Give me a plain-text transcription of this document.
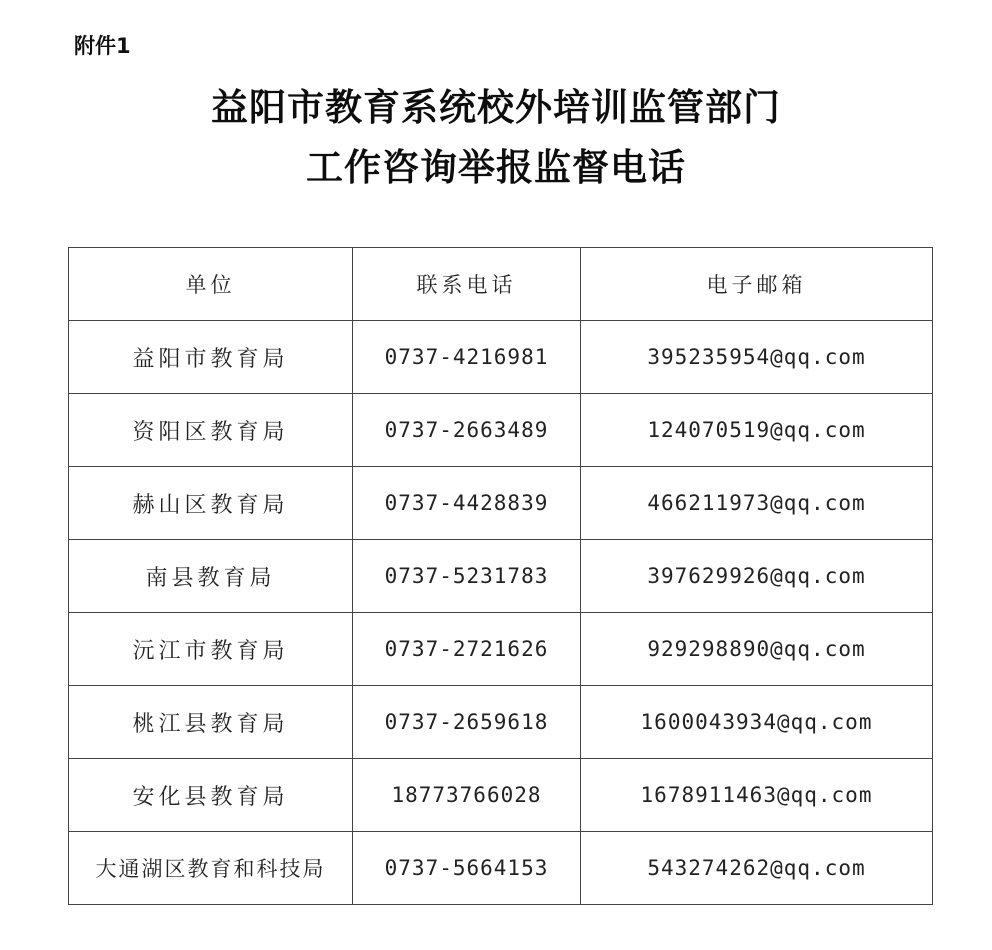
附件1
益阳市教育系统校外培训监管部门
工作咨询举报监督电话
单位	联系电话	电子邮箱
益阳市教育局	0737-4216981	395235954@qq.com
资阳区教育局	0737-2663489	124070519@qq.com
赫山区教育局	0737-4428839	466211973@qq.com
南县教育局	0737-5231783	397629926@qq.com
沅江市教育局	0737-2721626	929298890@qq.com
桃江县教育局	0737-2659618	1600043934@qq.com
安化县教育局	18773766028	1678911463@qq.com
大通湖区教育和科技局	0737-5664153	543274262@qq.com
